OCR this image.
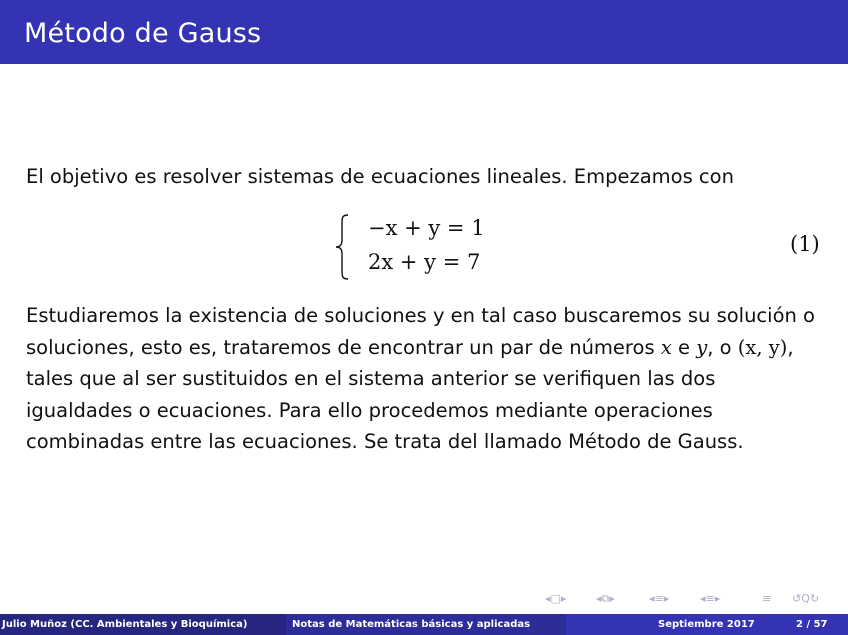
Método de Gauss

El objetivo es resolver sistemas de ecuaciones lineales. Empezamos con

−x + y = 1
2x + y = 7
(1)

Estudiaremos la existencia de soluciones y en tal caso buscaremos su solución o soluciones, esto es, trataremos de encontrar un par de números x e y, o (x, y), tales que al ser sustituidos en el sistema anterior se verifiquen las dos igualdades o ecuaciones. Para ello procedemos mediante operaciones combinadas entre las ecuaciones. Se trata del llamado Método de Gauss.

◂□▸	◂⧉▸	◂≡▸	◂≡▸	≡ ↺Q↻
Julio Muñoz (CC. Ambientales y Bioquímica)	Notas de Matemáticas básicas y aplicadas	Septiembre 2017	2 / 57
